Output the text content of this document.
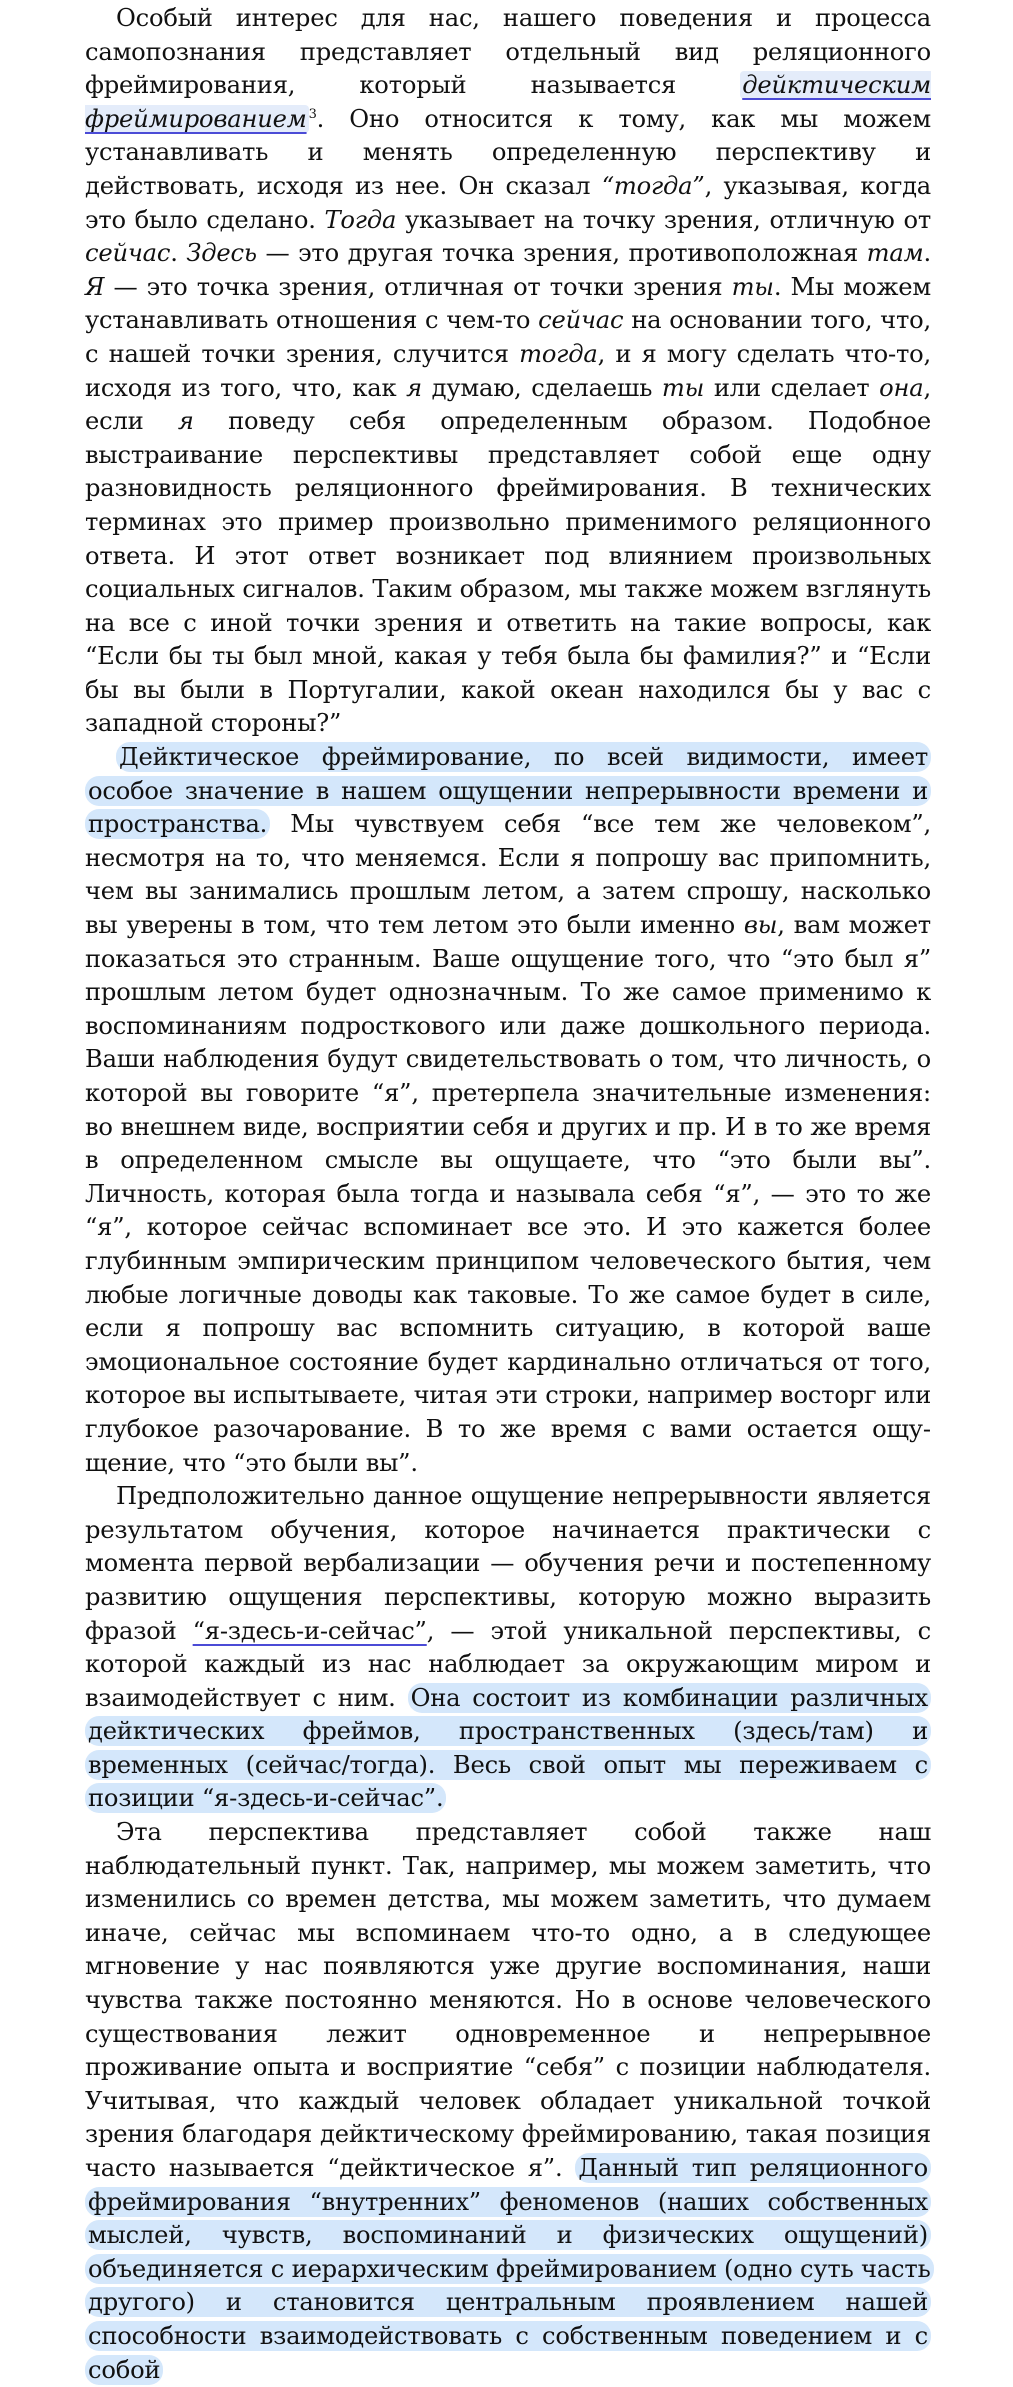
Особый интерес для нас, нашего поведения и процесса самопознания представляет отдельный вид реляционного фреймирования, который называется дейктическим фреймированием $^3$. Оно относится к тому, как мы можем устанавливать и менять определенную перспективу и действовать, исходя из нее. Он сказал “тогда”, указывая, когда это было сделано. Тогда указывает на точку зрения, отличную от сейчас. Здесь — это другая точка зрения, противоположная там. Я — это точка зрения, отличная от точки зрения ты. Мы можем устанавливать отношения с чем-то сейчас на основании того, что, с нашей точки зрения, случится тогда, и я могу сделать что-то, исходя из того, что, как я думаю, сделаешь ты или сделает она, если я поведу себя определенным образом. Подобное выстраивание перспективы представляет собой еще одну разновидность реляционного фреймирования. В технических терминах это пример произвольно применимого реляционного ответа. И этот ответ возникает под влиянием произвольных социальных сигналов. Таким образом, мы также можем взглянуть на все с иной точки зрения и ответить на такие вопросы, как “Если бы ты был мной, какая у тебя была бы фамилия?” и “Если бы вы были в Португалии, какой океан находился бы у вас с западной стороны?”

Дейктическое фреймирование, по всей видимости, имеет особое значение в нашем ощущении непрерывности времени и пространства. Мы чувствуем себя “все тем же человеком”, несмотря на то, что меняемся. Если я попрошу вас припомнить, чем вы занимались прошлым летом, а затем спрошу, насколько вы уверены в том, что тем летом это были именно вы, вам может показаться это странным. Ваше ощущение того, что “это был я” прошлым летом будет однозначным. То же самое применимо к воспоминаниям подросткового или даже дошкольного периода. Ваши наблюдения будут свидетельствовать о том, что личность, о которой вы говорите “я”, претерпела значительные изменения: во внешнем виде, восприятии себя и других и пр. И в то же время в определенном смысле вы ощущаете, что “это были вы”. Личность, которая была тогда и называла себя “я”, — это то же “я”, которое сейчас вспоминает все это. И это кажется более глубинным эмпирическим принципом человеческого бытия, чем любые логичные доводы как таковые. То же самое будет в силе, если я попрошу вас вспомнить ситуацию, в которой ваше эмоциональное состояние будет кардинально отличаться от того, которое вы испытываете, читая эти строки, например восторг или глубокое разочарование. В то же время с вами остается ощущение, что “это были вы”.

Предположительно данное ощущение непрерывности является результатом обучения, которое начинается практически с момента первой вербализации — обучения речи и постепенному развитию ощущения перспективы, которую можно выразить фразой “я-здесь-и-сейчас”, — этой уникальной перспективы, с которой каждый из нас наблюдает за окружающим миром и взаимодействует с ним. Она состоит из комбинации различных дейктических фреймов, пространственных (здесь/там) и временных (сейчас/тогда). Весь свой опыт мы переживаем с позиции “я-здесь-и-сейчас”.

Эта перспектива представляет собой также наш наблюдательный пункт. Так, например, мы можем заметить, что изменились со времен детства, мы можем заметить, что думаем иначе, сейчас мы вспоминаем что-то одно, а в следующее мгновение у нас появляются уже другие воспоминания, наши чувства также постоянно меняются. Но в основе человеческого существования лежит одновременное и непрерывное проживание опыта и восприятие “себя” с позиции наблюдателя. Учитывая, что каждый человек обладает уникальной точкой зрения благодаря дейктическому фреймированию, такая позиция часто называется “дейктическое я”. Данный тип реляционного фреймирования “внутренних” феноменов (наших собственных мыслей, чувств, воспоминаний и физических ощущений) объединяется с иерархическим фреймированием (одно суть часть другого) и становится центральным проявлением нашей способности взаимодействовать с собственным поведением и с собой
